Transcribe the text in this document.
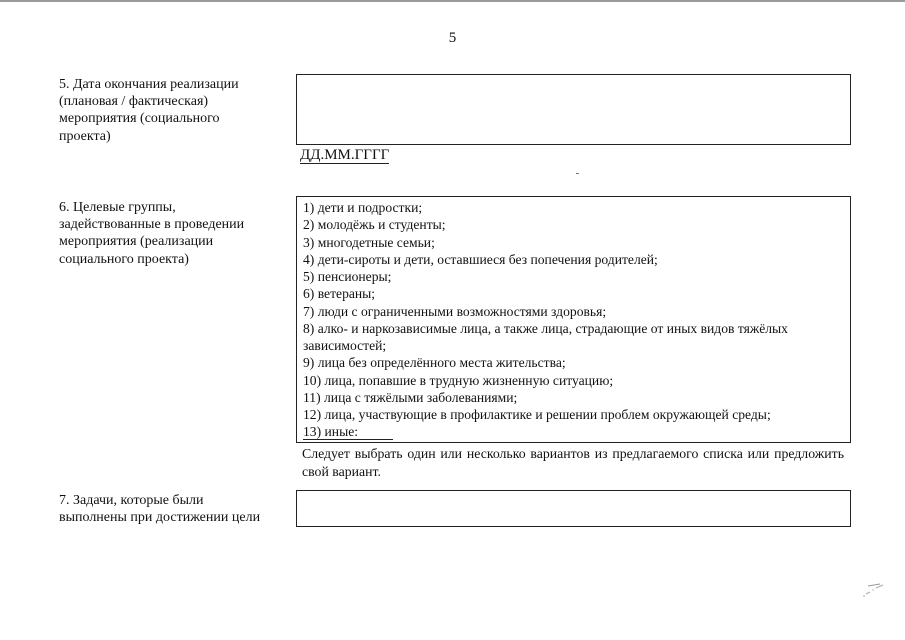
5
5. Дата окончания реализации (плановая / фактическая) мероприятия (социального проекта)
ДД.ММ.ГГГГ
6. Целевые группы, задействованные в проведении мероприятия (реализации социального проекта)
1) дети и подростки;
2) молодёжь и студенты;
3) многодетные семьи;
4) дети-сироты и дети, оставшиеся без попечения родителей;
5) пенсионеры;
6) ветераны;
7) люди с ограниченными возможностями здоровья;
8) алко- и наркозависимые лица, а также лица, страдающие от иных видов тяжёлых зависимостей;
9) лица без определённого места жительства;
10) лица, попавшие в трудную жизненную ситуацию;
11) лица с тяжёлыми заболеваниями;
12) лица, участвующие в профилактике и решении проблем окружающей среды;
13) иные:
Следует выбрать один или несколько вариантов из предлагаемого списка или предложить свой вариант.
7. Задачи, которые были выполнены при достижении цели
